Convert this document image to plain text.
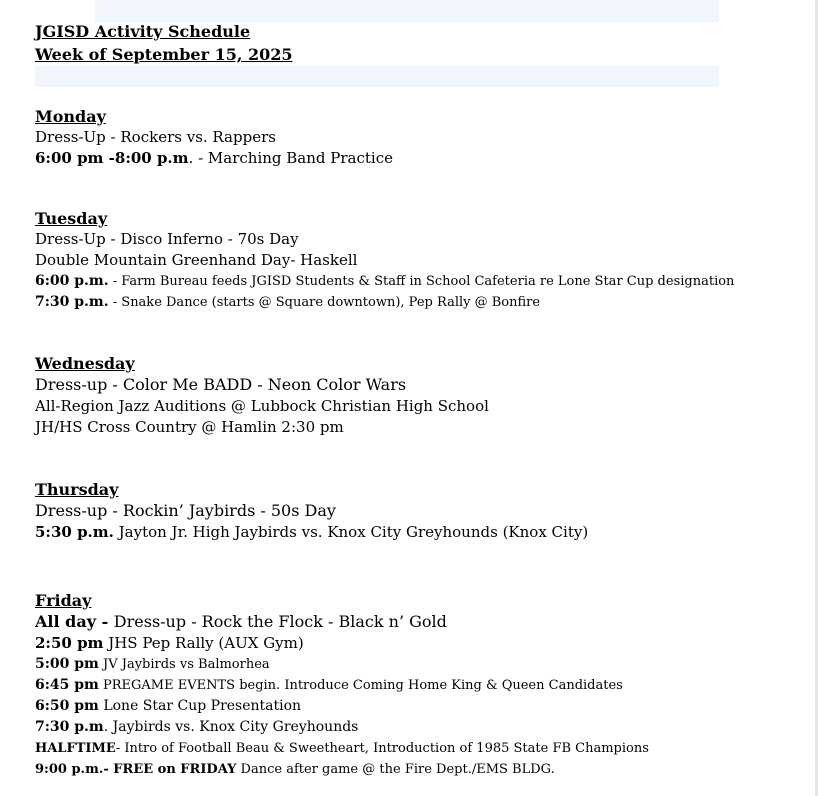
JGISD Activity Schedule
Week of September 15, 2025
Monday
Dress-Up - Rockers vs. Rappers
6:00 pm -8:00 p.m. - Marching Band Practice
Tuesday
Dress-Up - Disco Inferno - 70s Day
Double Mountain Greenhand Day- Haskell
6:00 p.m. - Farm Bureau feeds JGISD Students & Staff in School Cafeteria re Lone Star Cup designation
7:30 p.m. - Snake Dance (starts @ Square downtown), Pep Rally @ Bonfire
Wednesday
Dress-up - Color Me BADD - Neon Color Wars
All-Region Jazz Auditions @ Lubbock Christian High School
JH/HS Cross Country @ Hamlin 2:30 pm
Thursday
Dress-up - Rockin’ Jaybirds - 50s Day
5:30 p.m. Jayton Jr. High Jaybirds vs. Knox City Greyhounds (Knox City)
Friday
All day - Dress-up - Rock the Flock - Black n’ Gold
2:50 pm JHS Pep Rally (AUX Gym)
5:00 pm JV Jaybirds vs Balmorhea
6:45 pm PREGAME EVENTS begin. Introduce Coming Home King & Queen Candidates
6:50 pm Lone Star Cup Presentation
7:30 p.m. Jaybirds vs. Knox City Greyhounds
HALFTIME- Intro of Football Beau & Sweetheart, Introduction of 1985 State FB Champions
9:00 p.m.- FREE on FRIDAY Dance after game @ the Fire Dept./EMS BLDG.
